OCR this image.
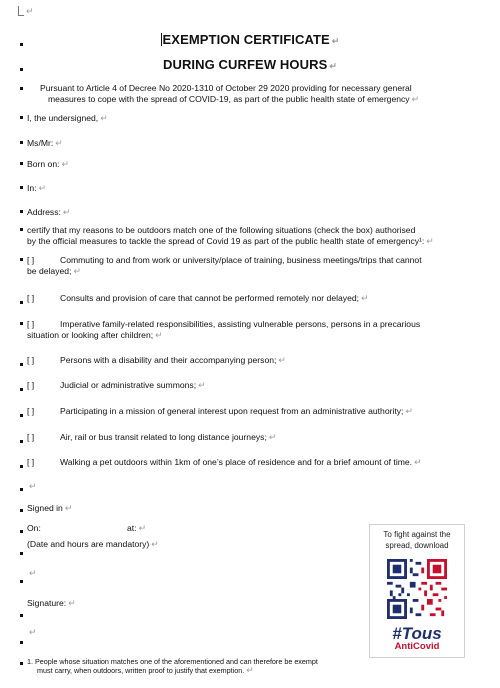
↵
EXEMPTION CERTIFICATE ↵
DURING CURFEW HOURS ↵
Pursuant to Article 4 of Decree No 2020-1310 of October 29 2020 providing for necessary general
measures to cope with the spread of COVID-19, as part of the public health state of emergency ↵
I, the undersigned, ↵
Ms/Mr: ↵
Born on: ↵
In: ↵
Address: ↵
certify that my reasons to be outdoors match one of the following situations (check the box) authorised
by the official measures to tackle the spread of Covid 19 as part of the public health state of emergency¹: ↵
[ ]	Commuting to and from work or university/place of training, business meetings/trips that cannot
be delayed; ↵
[ ]	Consults and provision of care that cannot be performed remotely nor delayed; ↵
[ ]	Imperative family-related responsibilities, assisting vulnerable persons, persons in a precarious
situation or looking after children; ↵
[ ]	Persons with a disability and their accompanying person; ↵
[ ]	Judicial or administrative summons; ↵
[ ]	Participating in a mission of general interest upon request from an administrative authority; ↵
[ ]	Air, rail or bus transit related to long distance journeys; ↵
[ ]	Walking a pet outdoors within 1km of one’s place of residence and for a brief amount of time. ↵
↵
Signed in ↵
On:	at: ↵
(Date and hours are mandatory) ↵
↵
Signature: ↵
↵
To fight against the
spread, download
#Tous
AntiCovid
1. People whose situation matches one of the aforementioned and can therefore be exempt
must carry, when outdoors, written proof to justify that exemption. ↵
